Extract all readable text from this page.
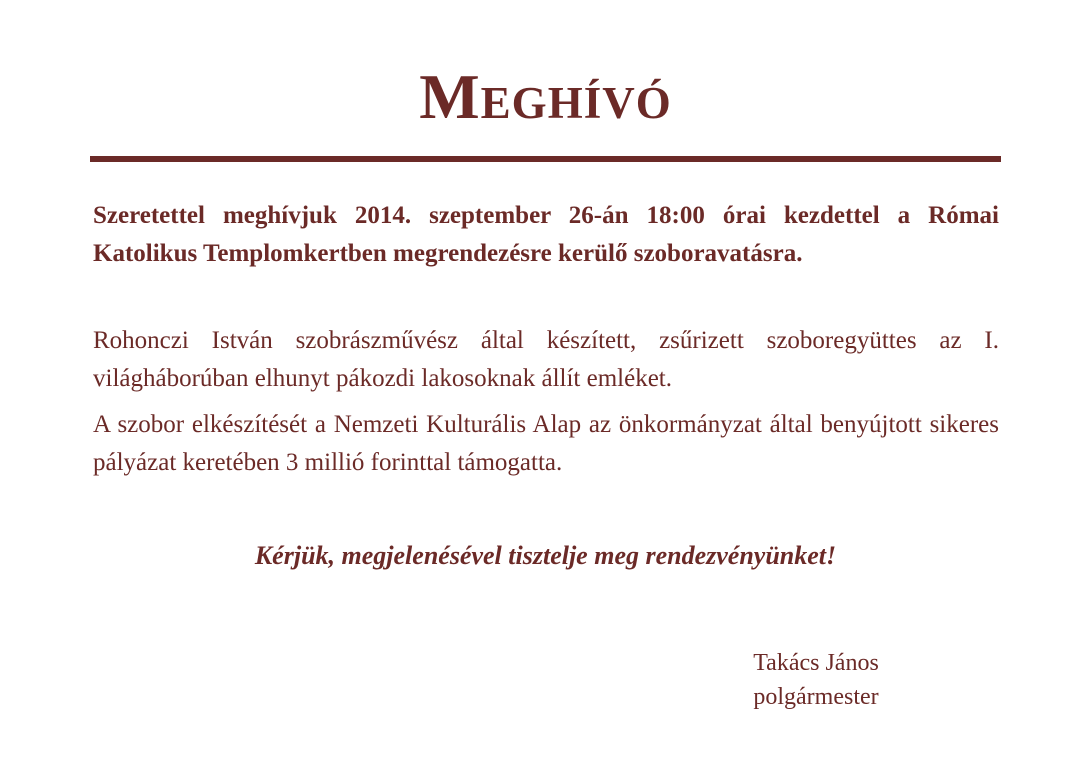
Meghívó

Szeretettel meghívjuk 2014. szeptember 26-án 18:00 órai kezdettel a Római Katolikus Templomkertben megrendezésre kerülő szoboravatásra.

Rohonczi István szobrászművész által készített, zsűrizett szoboregyüttes az I. világháborúban elhunyt pákozdi lakosoknak állít emléket.

A szobor elkészítését a Nemzeti Kulturális Alap az önkormányzat által benyújtott sikeres pályázat keretében 3 millió forinttal támogatta.

Kérjük, megjelenésével tisztelje meg rendezvényünket!
Takács János
polgármester
